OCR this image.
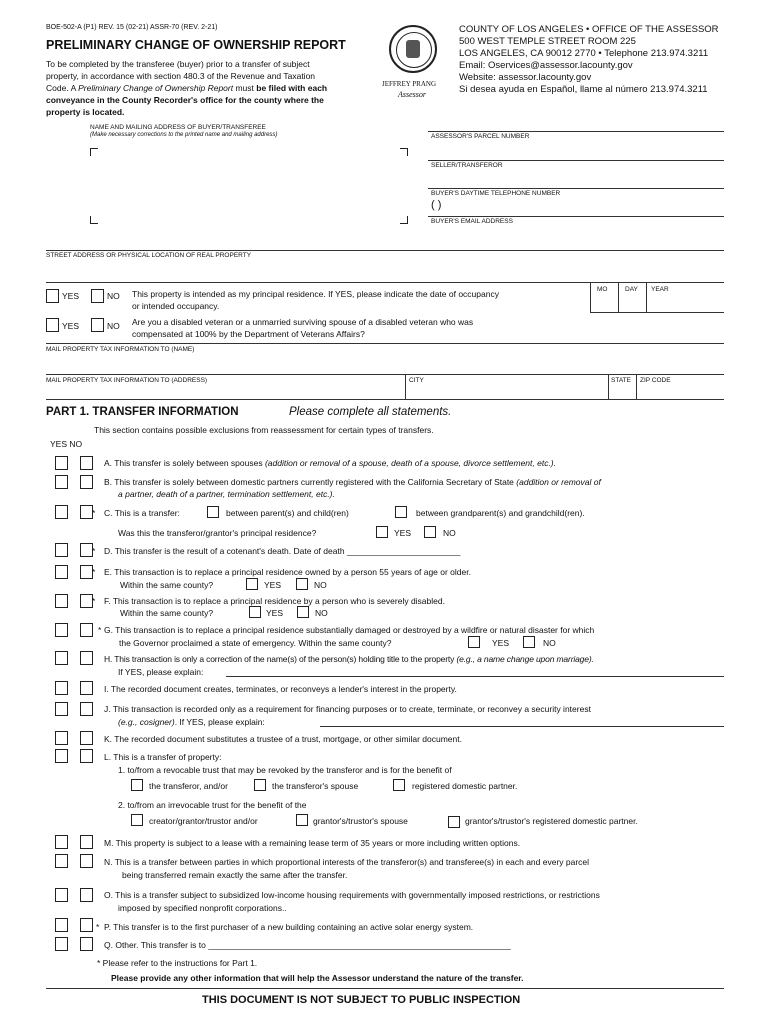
BOE-502-A (P1) REV. 15 (02-21) ASSR-70 (REV. 2-21)
PRELIMINARY CHANGE OF OWNERSHIP REPORT
To be completed by the transferee (buyer) prior to a transfer of subject
property, in accordance with section 480.3 of the Revenue and Taxation
Code. A Preliminary Change of Ownership Report must be filed with each
conveyance in the County Recorder's office for the county where the
property is located.
JEFFREY PRANG
Assessor
COUNTY OF LOS ANGELES • OFFICE OF THE ASSESSOR
500 WEST TEMPLE STREET ROOM 225
LOS ANGELES, CA 90012 2770 • Telephone 213.974.3211
Email: Oservices@assessor.lacounty.gov
Website: assessor.lacounty.gov
Si desea ayuda en Español, llame al número 213.974.3211
NAME AND MAILING ADDRESS OF BUYER/TRANSFEREE
(Make necessary corrections to the printed name and mailing address)	ASSESSOR'S PARCEL NUMBER
SELLER/TRANSFEROR
BUYER'S DAYTIME TELEPHONE NUMBER
( )
BUYER'S EMAIL ADDRESS
STREET ADDRESS OR PHYSICAL LOCATION OF REAL PROPERTY
YES	NO This property is intended as my principal residence. If YES, please indicate the date of occupancy
or intended occupancy.
MO	DAY YEAR
YES	NO Are you a disabled veteran or a unmarried surviving spouse of a disabled veteran who was
compensated at 100% by the Department of Veterans Affairs?
MAIL PROPERTY TAX INFORMATION TO (NAME)
MAIL PROPERTY TAX INFORMATION TO (ADDRESS)	CITY	STATE ZIP CODE
PART 1. TRANSFER INFORMATION	Please complete all statements.
This section contains possible exclusions from reassessment for certain types of transfers.
YES NO
A. This transfer is solely between spouses (addition or removal of a spouse, death of a spouse, divorce settlement, etc.).
B. This transfer is solely between domestic partners currently registered with the California Secretary of State (addition or removal of
a partner, death of a partner, termination settlement, etc.).
* C. This is a transfer:	between parent(s) and child(ren)	between grandparent(s) and grandchild(ren).
Was this the transferor/grantor's principal residence?	YES	NO
* D. This transfer is the result of a cotenant's death. Date of death ________________________
* E. This transaction is to replace a principal residence owned by a person 55 years of age or older.
Within the same county?	YES	NO
* F. This transaction is to replace a principal residence by a person who is severely disabled.
Within the same county?	YES	NO
* G. This transaction is to replace a principal residence substantially damaged or destroyed by a wildfire or natural disaster for which
the Governor proclaimed a state of emergency. Within the same county?	YES	NO
H. This transaction is only a correction of the name(s) of the person(s) holding title to the property (e.g., a name change upon marriage).
If YES, please explain:
I. The recorded document creates, terminates, or reconveys a lender's interest in the property.
J. This transaction is recorded only as a requirement for financing purposes or to create, terminate, or reconvey a security interest
(e.g., cosigner). If YES, please explain:
K. The recorded document substitutes a trustee of a trust, mortgage, or other similar document.
L. This is a transfer of property:
1. to/from a revocable trust that may be revoked by the transferor and is for the benefit of
the transferor, and/or	the transferor's spouse	registered domestic partner.
2. to/from an irrevocable trust for the benefit of the
creator/grantor/trustor and/or	grantor's/trustor's spouse	grantor's/trustor's registered domestic partner.
M. This property is subject to a lease with a remaining lease term of 35 years or more including written options.
N. This is a transfer between parties in which proportional interests of the transferor(s) and transferee(s) in each and every parcel
being transferred remain exactly the same after the transfer.
O. This is a transfer subject to subsidized low-income housing requirements with governmentally imposed restrictions, or restrictions
imposed by specified nonprofit corporations..
* P. This transfer is to the first purchaser of a new building containing an active solar energy system.
Q. Other. This transfer is to ________________________________________________________________
* Please refer to the instructions for Part 1.
Please provide any other information that will help the Assessor understand the nature of the transfer.
THIS DOCUMENT IS NOT SUBJECT TO PUBLIC INSPECTION
